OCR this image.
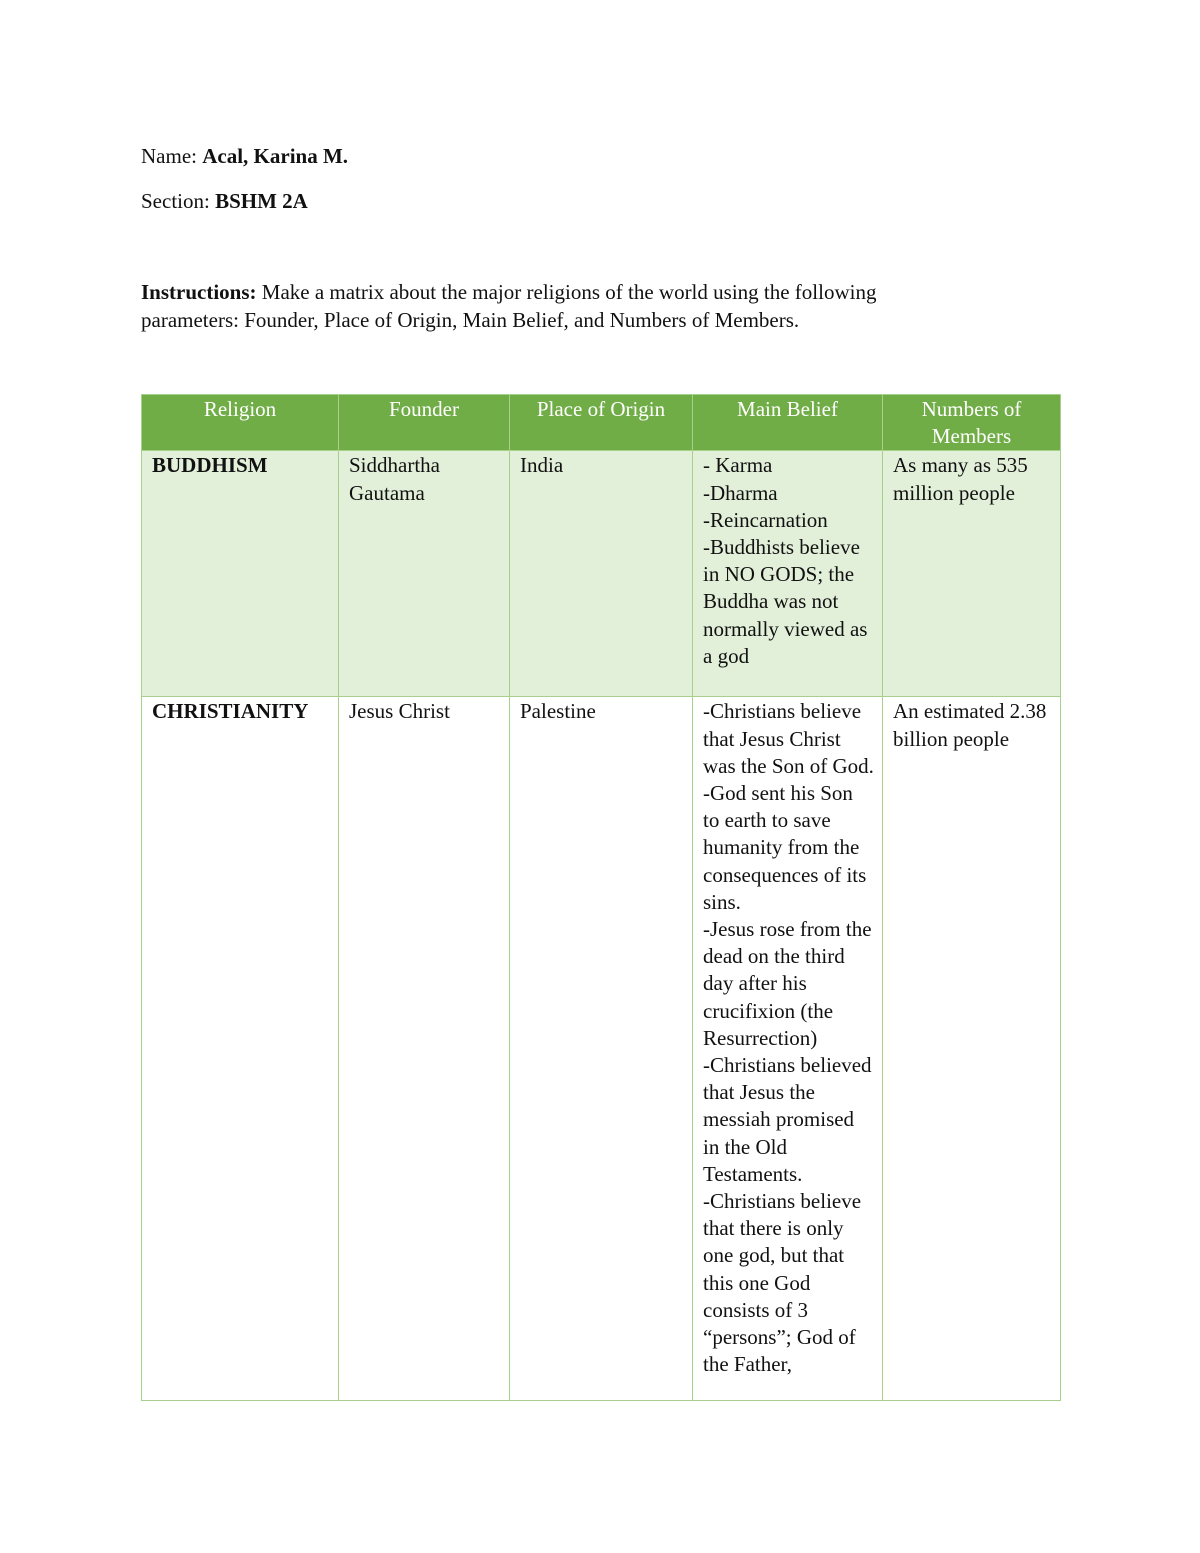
Name: Acal, Karina M.
Section: BSHM 2A
Instructions: Make a matrix about the major religions of the world using the following
parameters: Founder, Place of Origin, Main Belief, and Numbers of Members.
Religion	Founder	Place of Origin	Main Belief	Numbers of Members
BUDDHISM	Siddhartha Gautama	India	- Karma
-Dharma
-Reincarnation
-Buddhists believe in NO GODS; the Buddha was not normally viewed as a god	As many as 535 million people
CHRISTIANITY	Jesus Christ	Palestine	-Christians believe that Jesus Christ was the Son of God.
-God sent his Son to earth to save humanity from the consequences of its sins.
-Jesus rose from the dead on the third day after his crucifixion (the Resurrection)
-Christians believed that Jesus the messiah promised in the Old Testaments.
-Christians believe that there is only one god, but that this one God consists of 3 “persons”; God of the Father,	An estimated 2.38 billion people
